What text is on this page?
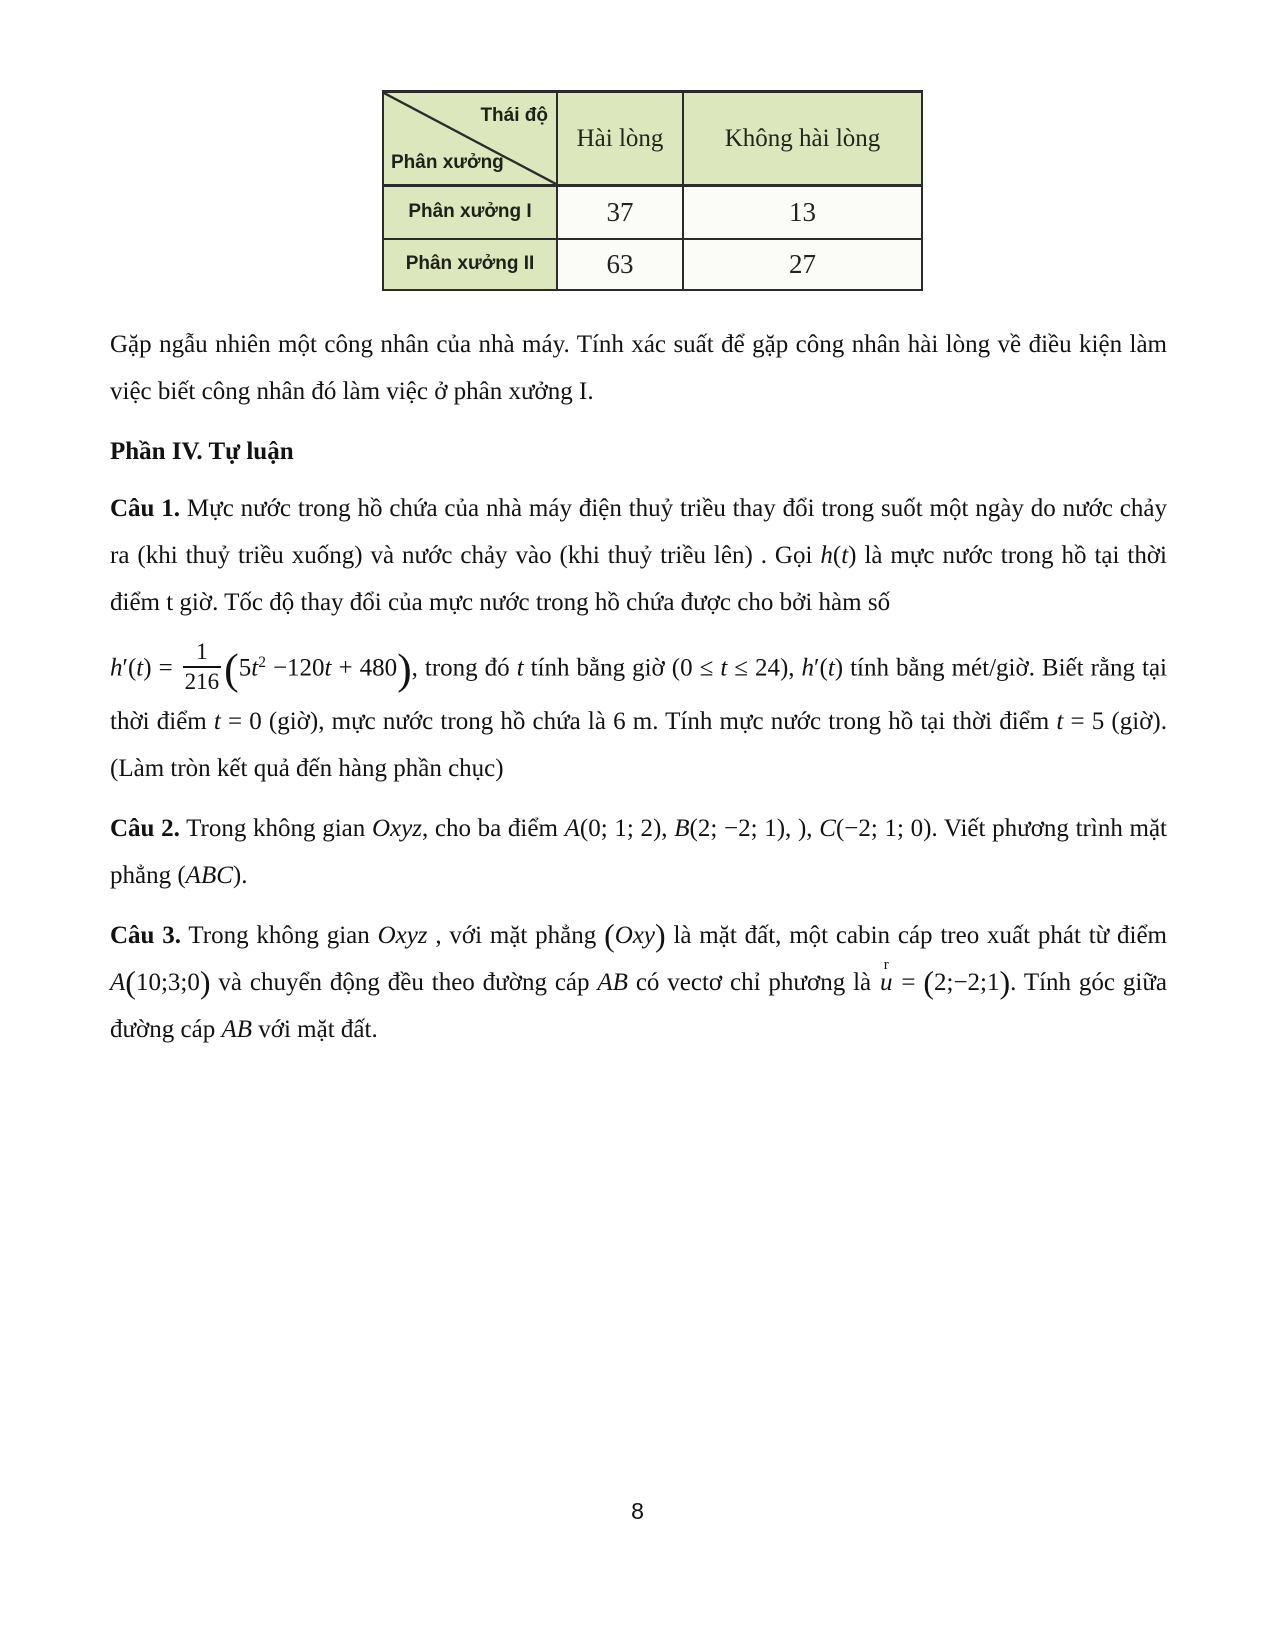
Thái độ
Phân xưởng	Hài lòng	Không hài lòng
Phân xưởng I	37	13
Phân xưởng II	63	27

Gặp ngẫu nhiên một công nhân của nhà máy. Tính xác suất để gặp công nhân hài lòng về điều kiện làm việc biết công nhân đó làm việc ở phân xưởng I.

Phần IV. Tự luận

Câu 1. Mực nước trong hồ chứa của nhà máy điện thuỷ triều thay đổi trong suốt một ngày do nước chảy ra (khi thuỷ triều xuống) và nước chảy vào (khi thuỷ triều lên) . Gọi h(t) là mực nước trong hồ tại thời điểm t giờ. Tốc độ thay đổi của mực nước trong hồ chứa được cho bởi hàm số

$h'(t) = \frac{1}{216} (5t^2 -120t + 480)$, trong đó t tính bằng giờ (0 ≤ t ≤ 24), h′(t) tính bằng mét/giờ. Biết rằng tại thời điểm t = 0 (giờ), mực nước trong hồ chứa là 6 m. Tính mực nước trong hồ tại thời điểm t = 5 (giờ). (Làm tròn kết quả đến hàng phần chục)

Câu 2. Trong không gian Oxyz, cho ba điểm A(0; 1; 2), B(2; −2; 1), ), C(−2; 1; 0). Viết phương trình mặt phẳng (ABC).

Câu 3. Trong không gian Oxyz , với mặt phẳng (Oxy) là mặt đất, một cabin cáp treo xuất phát từ điểm A(10;3;0) và chuyển động đều theo đường cáp AB có vectơ chỉ phương là
r
u = (2;−2;1). Tính góc giữa đường cáp AB với mặt đất.

8
